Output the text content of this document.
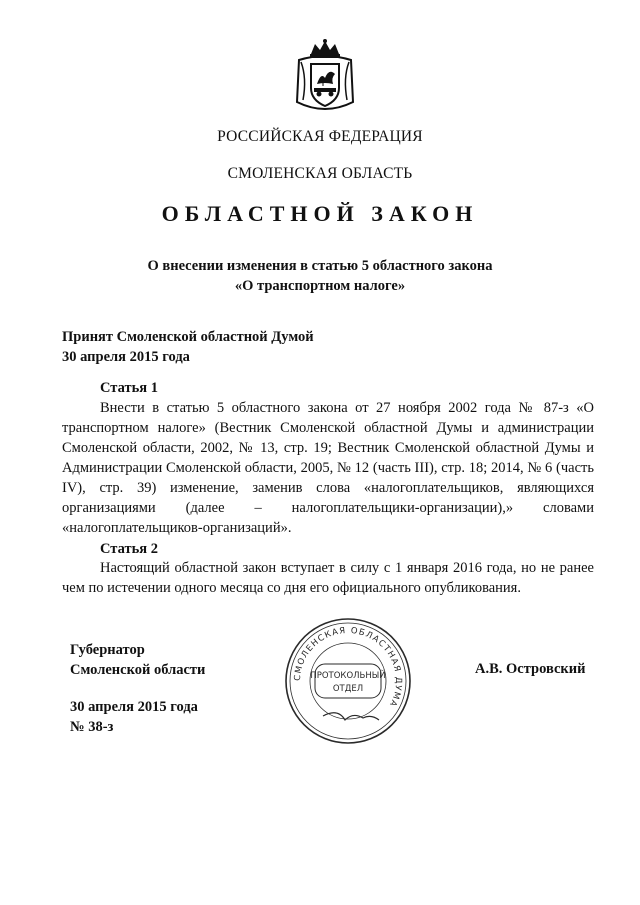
РОССИЙСКАЯ ФЕДЕРАЦИЯ
СМОЛЕНСКАЯ ОБЛАСТЬ
ОБЛАСТНОЙ ЗАКОН
О внесении изменения в статью 5 областного закона
«О транспортном налоге»
Принят Смоленской областной Думой
30 апреля 2015 года
Статья 1
Внести в статью 5 областного закона от 27 ноября 2002 года № 87-з «О транспортном налоге» (Вестник Смоленской областной Думы и администрации Смоленской области, 2002, № 13, стр. 19; Вестник Смоленской областной Думы и Администрации Смоленской области, 2005, № 12 (часть III), стр. 18; 2014, № 6 (часть IV), стр. 39) изменение, заменив слова «налогоплательщиков, являющихся организациями (далее – налогоплательщики-организации),» словами «налогоплательщиков-организаций».
Статья 2
Настоящий областной закон вступает в силу с 1 января 2016 года, но не ранее чем по истечении одного месяца со дня его официального опубликования.
Губернатор
Смоленской области	СМОЛЕНСКАЯ ОБЛАСТНАЯ ДУМА
ПРОТОКОЛЬНЫЙ
ОТДЕЛ
А.В. Островский
30 апреля 2015 года
№ 38-з
